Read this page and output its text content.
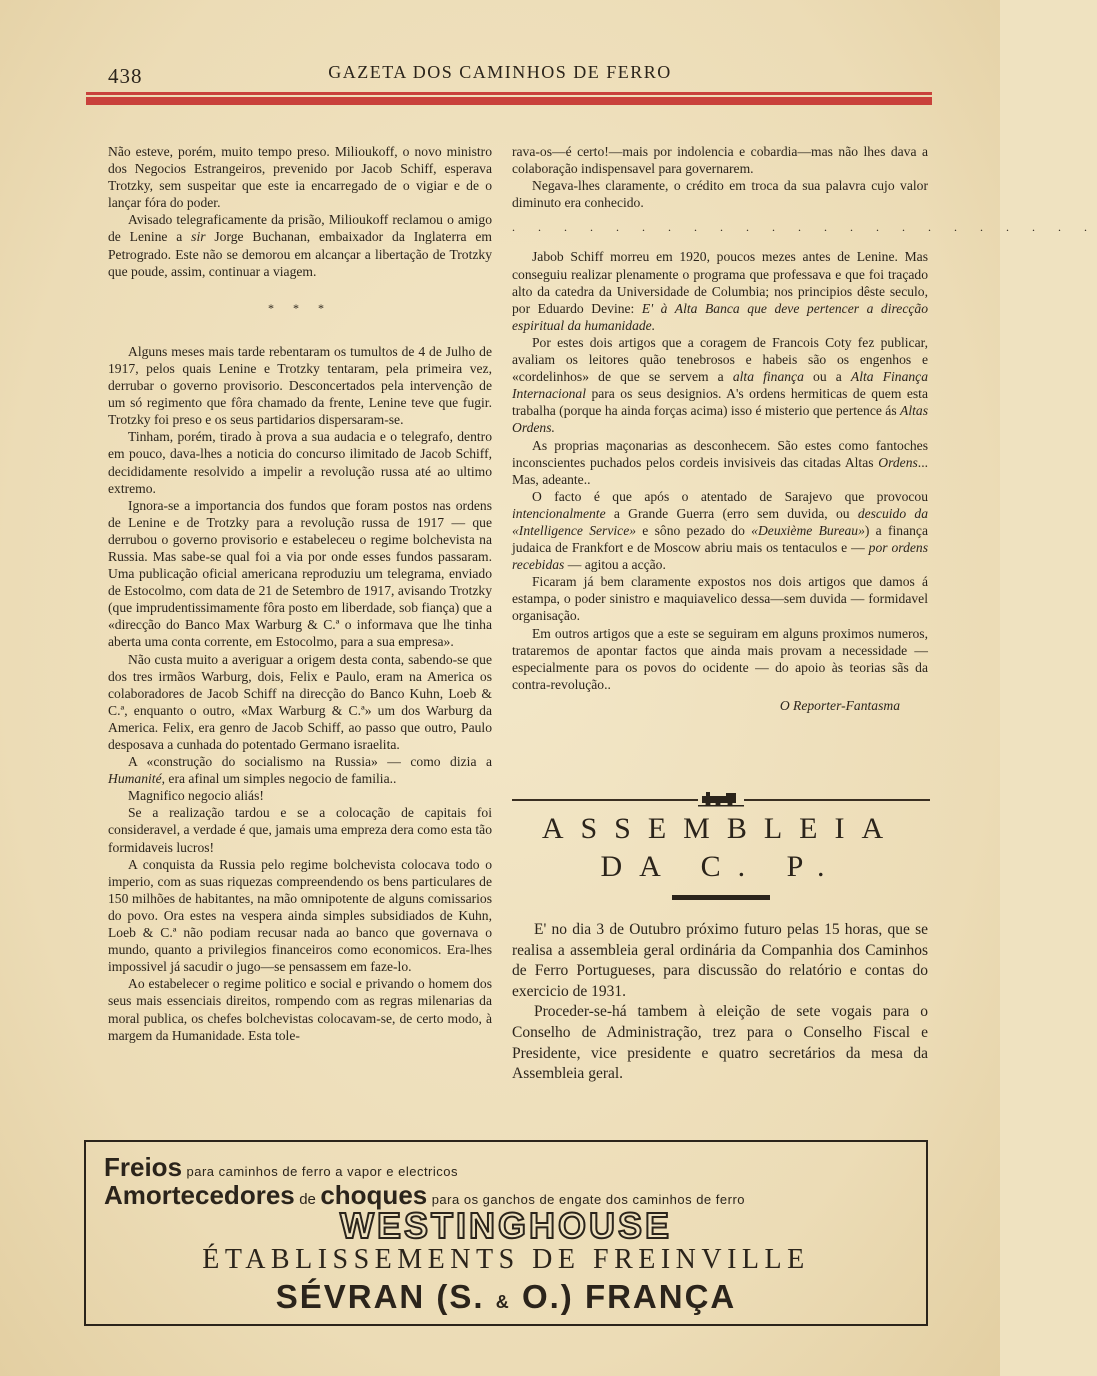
438	GAZETA DOS CAMINHOS DE FERRO

Não esteve, porém, muito tempo preso. Milioukoff, o novo ministro dos Negocios Estrangeiros, prevenido por Jacob Schiff, esperava Trotzky, sem suspeitar que este ia encarregado de o vigiar e de o lançar fóra do poder.

Avisado telegraficamente da prisão, Milioukoff reclamou o amigo de Lenine a sir Jorge Buchanan, embaixador da Inglaterra em Petrogrado. Este não se demorou em alcançar a libertação de Trotzky que poude, assim, continuar a viagem.

* * *

Alguns meses mais tarde rebentaram os tumultos de 4 de Julho de 1917, pelos quais Lenine e Trotzky tentaram, pela primeira vez, derrubar o governo provisorio. Desconcertados pela intervenção de um só regimento que fôra chamado da frente, Lenine teve que fugir. Trotzky foi preso e os seus partidarios dispersaram-se.

Tinham, porém, tirado à prova a sua audacia e o telegrafo, dentro em pouco, dava-lhes a noticia do concurso ilimitado de Jacob Schiff, decididamente resolvido a impelir a revolução russa até ao ultimo extremo.

Ignora-se a importancia dos fundos que foram postos nas ordens de Lenine e de Trotzky para a revolução russa de 1917 — que derrubou o governo provisorio e estabeleceu o regime bolchevista na Russia. Mas sabe-se qual foi a via por onde esses fundos passaram. Uma publicação oficial americana reproduziu um telegrama, enviado de Estocolmo, com data de 21 de Setembro de 1917, avisando Trotzky (que imprudentissimamente fôra posto em liberdade, sob fiança) que a «direcção do Banco Max Warburg & C.ª o informava que lhe tinha aberta uma conta corrente, em Estocolmo, para a sua empresa».

Não custa muito a averiguar a origem desta conta, sabendo-se que dos tres irmãos Warburg, dois, Felix e Paulo, eram na America os colaboradores de Jacob Schiff na direcção do Banco Kuhn, Loeb & C.ª, enquanto o outro, «Max Warburg & C.ª» um dos Warburg da America. Felix, era genro de Jacob Schiff, ao passo que outro, Paulo desposava a cunhada do potentado Germano israelita.

A «construção do socialismo na Russia» — como dizia a Humanité, era afinal um simples negocio de familia..

Magnifico negocio aliás!

Se a realização tardou e se a colocação de capitais foi consideravel, a verdade é que, jamais uma empreza dera como esta tão formidaveis lucros!

A conquista da Russia pelo regime bolchevista colocava todo o imperio, com as suas riquezas compreendendo os bens particulares de 150 milhões de habitantes, na mão omnipotente de alguns comissarios do povo. Ora estes na vespera ainda simples subsidiados de Kuhn, Loeb & C.ª não podiam recusar nada ao banco que governava o mundo, quanto a privilegios financeiros como economicos. Era-lhes impossivel já sacudir o jugo—se pensassem em faze-lo.

Ao estabelecer o regime politico e social e privando o homem dos seus mais essenciais direitos, rompendo com as regras milenarias da moral publica, os chefes bolchevistas colocavam-se, de certo modo, à margem da Humanidade. Esta tole-

rava-os—é certo!—mais por indolencia e cobardia—mas não lhes dava a colaboração indispensavel para governarem.

Negava-lhes claramente, o crédito em troca da sua palavra cujo valor diminuto era conhecido.

. . . . . . . . . . . . . . . . . . . . . . .

Jabob Schiff morreu em 1920, poucos mezes antes de Lenine. Mas conseguiu realizar plenamente o programa que professava e que foi traçado alto da catedra da Universidade de Columbia; nos principios dêste seculo, por Eduardo Devine: E' à Alta Banca que deve pertencer a direcção espiritual da humanidade.

Por estes dois artigos que a coragem de Francois Coty fez publicar, avaliam os leitores quão tenebrosos e habeis são os engenhos e «cordelinhos» de que se servem a alta finança ou a Alta Finança Internacional para os seus designios. A's ordens hermiticas de quem esta trabalha (porque ha ainda forças acima) isso é misterio que pertence ás Altas Ordens.

As proprias maçonarias as desconhecem. São estes como fantoches inconscientes puchados pelos cordeis invisiveis das citadas Altas Ordens... Mas, adeante..

O facto é que após o atentado de Sarajevo que provocou intencionalmente a Grande Guerra (erro sem duvida, ou descuido da «Intelligence Service» e sôno pezado do «Deuxième Bureau») a finança judaica de Frankfort e de Moscow abriu mais os tentaculos e — por ordens recebidas — agitou a acção.

Ficaram já bem claramente expostos nos dois artigos que damos á estampa, o poder sinistro e maquiavelico dessa—sem duvida — formidavel organisação.

Em outros artigos que a este se seguiram em alguns proximos numeros, trataremos de apontar factos que ainda mais provam a necessidade — especialmente para os povos do ocidente — do apoio às teorias sãs da contra-revolução..

O Reporter-Fantasma
ASSEMBLEIA
DA C. P.

E' no dia 3 de Outubro próximo futuro pelas 15 horas, que se realisa a assembleia geral ordinária da Companhia dos Caminhos de Ferro Portugueses, para discussão do relatório e contas do exercicio de 1931.

Proceder-se-há tambem à eleição de sete vogais para o Conselho de Administração, trez para o Conselho Fiscal e Presidente, vice presidente e quatro secretários da mesa da Assembleia geral.

Freios para caminhos de ferro a vapor e electricos
Amortecedores de choques para os ganchos de engate dos caminhos de ferro
WESTINGHOUSE
ÉTABLISSEMENTS DE FREINVILLE
SÉVRAN (S. & O.) FRANÇA
